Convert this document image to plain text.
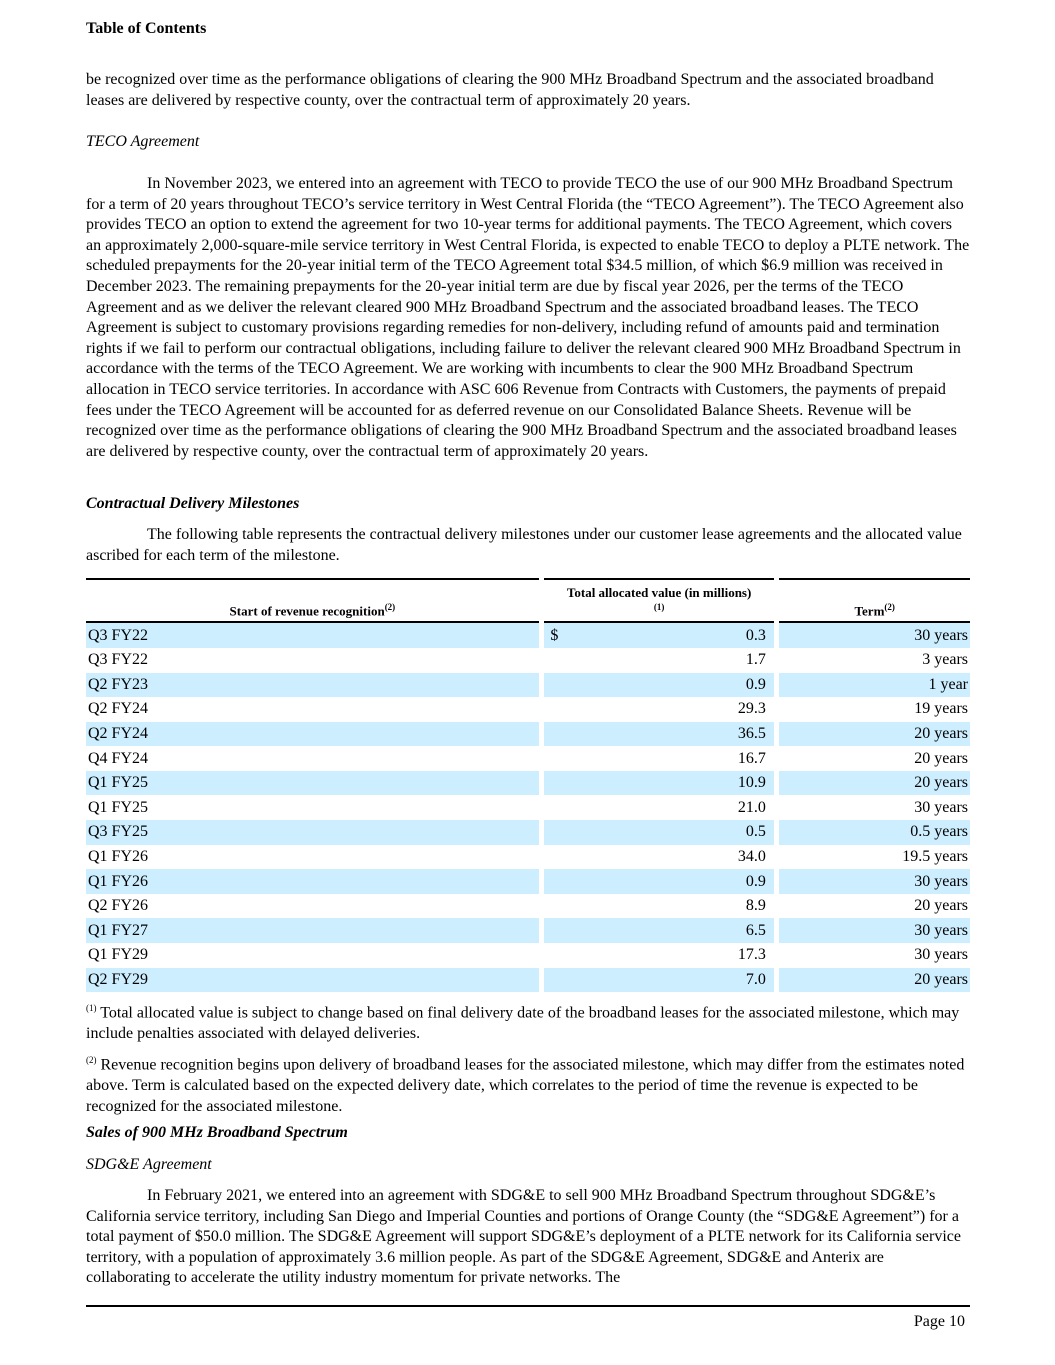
Table of Contents

be recognized over time as the performance obligations of clearing the 900 MHz Broadband Spectrum and the associated broadband leases are delivered by respective county, over the contractual term of approximately 20 years.

TECO Agreement

In November 2023, we entered into an agreement with TECO to provide TECO the use of our 900 MHz Broadband Spectrum for a term of 20 years throughout TECO’s service territory in West Central Florida (the “TECO Agreement”). The TECO Agreement also provides TECO an option to extend the agreement for two 10-year terms for additional payments. The TECO Agreement, which covers an approximately 2,000-square-mile service territory in West Central Florida, is expected to enable TECO to deploy a PLTE network. The scheduled prepayments for the 20-year initial term of the TECO Agreement total $34.5 million, of which $6.9 million was received in December 2023. The remaining prepayments for the 20-year initial term are due by fiscal year 2026, per the terms of the TECO Agreement and as we deliver the relevant cleared 900 MHz Broadband Spectrum and the associated broadband leases. The TECO Agreement is subject to customary provisions regarding remedies for non-delivery, including refund of amounts paid and termination rights if we fail to perform our contractual obligations, including failure to deliver the relevant cleared 900 MHz Broadband Spectrum in accordance with the terms of the TECO Agreement. We are working with incumbents to clear the 900 MHz Broadband Spectrum allocation in TECO service territories. In accordance with ASC 606 Revenue from Contracts with Customers, the payments of prepaid fees under the TECO Agreement will be accounted for as deferred revenue on our Consolidated Balance Sheets. Revenue will be recognized over time as the performance obligations of clearing the 900 MHz Broadband Spectrum and the associated broadband leases are delivered by respective county, over the contractual term of approximately 20 years.

Contractual Delivery Milestones

The following table represents the contractual delivery milestones under our customer lease agreements and the allocated value ascribed for each term of the milestone.

Start of revenue recognition$^{(2)}$		Total allocated value (in millions)$^{(1)}$		Term$^{(2)}$
Q3 FY22		$ 0.3		30 years
Q3 FY22		1.7		3 years
Q2 FY23		0.9		1 year
Q2 FY24		29.3		19 years
Q2 FY24		36.5		20 years
Q4 FY24		16.7		20 years
Q1 FY25		10.9		20 years
Q1 FY25		21.0		30 years
Q3 FY25		0.5		0.5 years
Q1 FY26		34.0		19.5 years
Q1 FY26		0.9		30 years
Q2 FY26		8.9		20 years
Q1 FY27		6.5		30 years
Q1 FY29		17.3		30 years
Q2 FY29		7.0		20 years

$^{(1)}$ Total allocated value is subject to change based on final delivery date of the broadband leases for the associated milestone, which may include penalties associated with delayed deliveries.

$^{(2)}$ Revenue recognition begins upon delivery of broadband leases for the associated milestone, which may differ from the estimates noted above. Term is calculated based on the expected delivery date, which correlates to the period of time the revenue is expected to be recognized for the associated milestone.

Sales of 900 MHz Broadband Spectrum

SDG&E Agreement

In February 2021, we entered into an agreement with SDG&E to sell 900 MHz Broadband Spectrum throughout SDG&E’s California service territory, including San Diego and Imperial Counties and portions of Orange County (the “SDG&E Agreement”) for a total payment of $50.0 million. The SDG&E Agreement will support SDG&E’s deployment of a PLTE network for its California service territory, with a population of approximately 3.6 million people. As part of the SDG&E Agreement, SDG&E and Anterix are collaborating to accelerate the utility industry momentum for private networks. The

Page 10
